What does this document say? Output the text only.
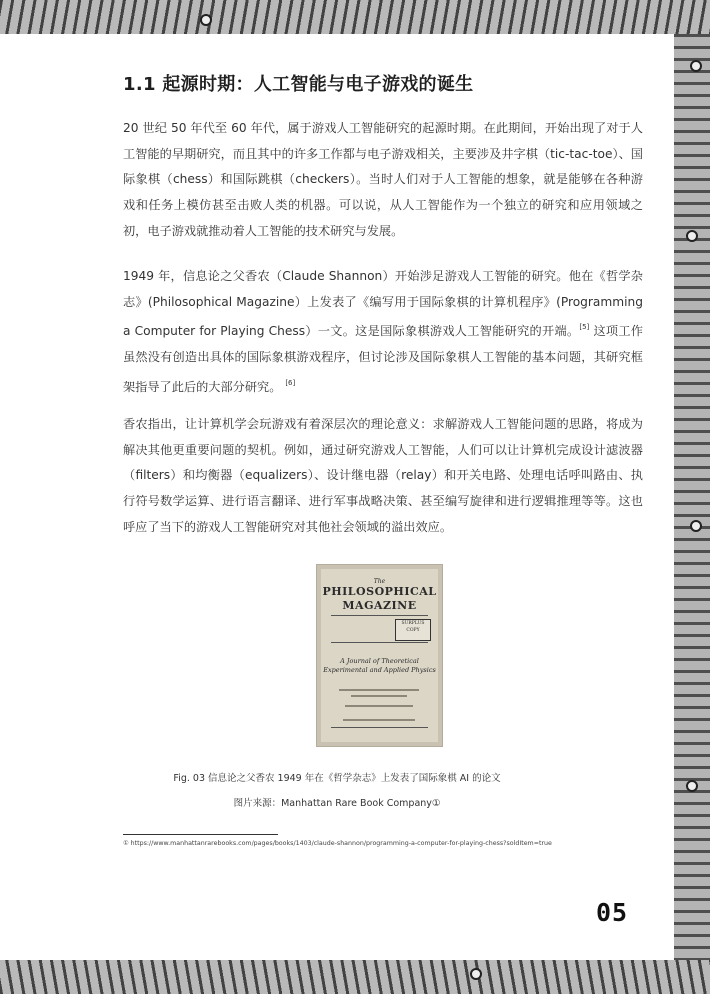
1.1 起源时期：人工智能与电子游戏的诞生

20 世纪 50 年代至 60 年代，属于游戏人工智能研究的起源时期。在此期间，开始出现了对于人工智能的早期研究，而且其中的许多工作都与电子游戏相关，主要涉及井字棋（tic-tac-toe）、国际象棋（chess）和国际跳棋（checkers）。当时人们对于人工智能的想象，就是能够在各种游戏和任务上模仿甚至击败人类的机器。可以说，从人工智能作为一个独立的研究和应用领域之初，电子游戏就推动着人工智能的技术研究与发展。

1949 年，信息论之父香农（Claude Shannon）开始涉足游戏人工智能的研究。他在《哲学杂志》(Philosophical Magazine）上发表了《编写用于国际象棋的计算机程序》(Programming a Computer for Playing Chess）一文。这是国际象棋游戏人工智能研究的开端。[5] 这项工作虽然没有创造出具体的国际象棋游戏程序，但讨论涉及国际象棋人工智能的基本问题，其研究框架指导了此后的大部分研究。 [6]

香农指出，让计算机学会玩游戏有着深层次的理论意义：求解游戏人工智能问题的思路，将成为解决其他更重要问题的契机。例如，通过研究游戏人工智能，人们可以让计算机完成设计滤波器（filters）和均衡器（equalizers）、设计继电器（relay）和开关电路、处理电话呼叫路由、执行符号数学运算、进行语言翻译、进行军事战略决策、甚至编写旋律和进行逻辑推理等等。这也呼应了当下的游戏人工智能研究对其他社会领域的溢出效应。

The
PHILOSOPHICAL MAGAZINE
SURPLUS COPY
A Journal of Theoretical Experimental and Applied Physics

Fig. 03 信息论之父香农 1949 年在《哲学杂志》上发表了国际象棋 AI 的论文

图片来源：Manhattan Rare Book Company①

① https://www.manhattanrarebooks.com/pages/books/1403/claude-shannon/programming-a-computer-for-playing-chess?soldItem=true

05
